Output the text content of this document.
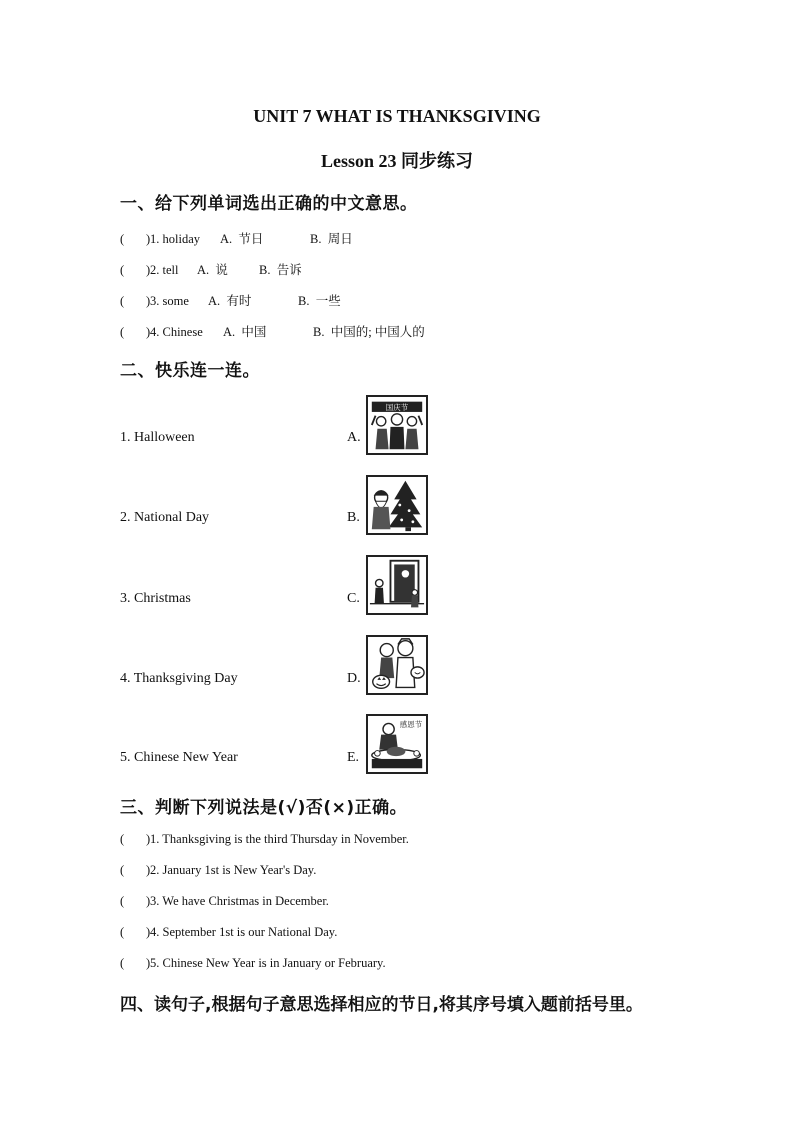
UNIT 7 WHAT IS THANKSGIVING
Lesson 23 同步练习
一、给下列单词选出正确的中文意思。
(       )1. holiday A.  节日	B.  周日
(       )2. tell A.  说 B.  告诉
(       )3. some A.  有时	B.  一些
(       )4. Chinese A.  中国	B.  中国的; 中国人的
二、快乐连一连。
1. Halloween	A.
国庆节
2. National Day	B.
3. Christmas	C.
4. Thanksgiving Day	D.
5. Chinese New Year	E.
感恩节
三、判断下列说法是(√)否(×)正确。
(       )1. Thanksgiving is the third Thursday in November.
(       )2. January 1st is New Year's Day.
(       )3. We have Christmas in December.
(       )4. September 1st is our National Day.
(       )5. Chinese New Year is in January or February.
四、读句子,根据句子意思选择相应的节日,将其序号填入题前括号里。
